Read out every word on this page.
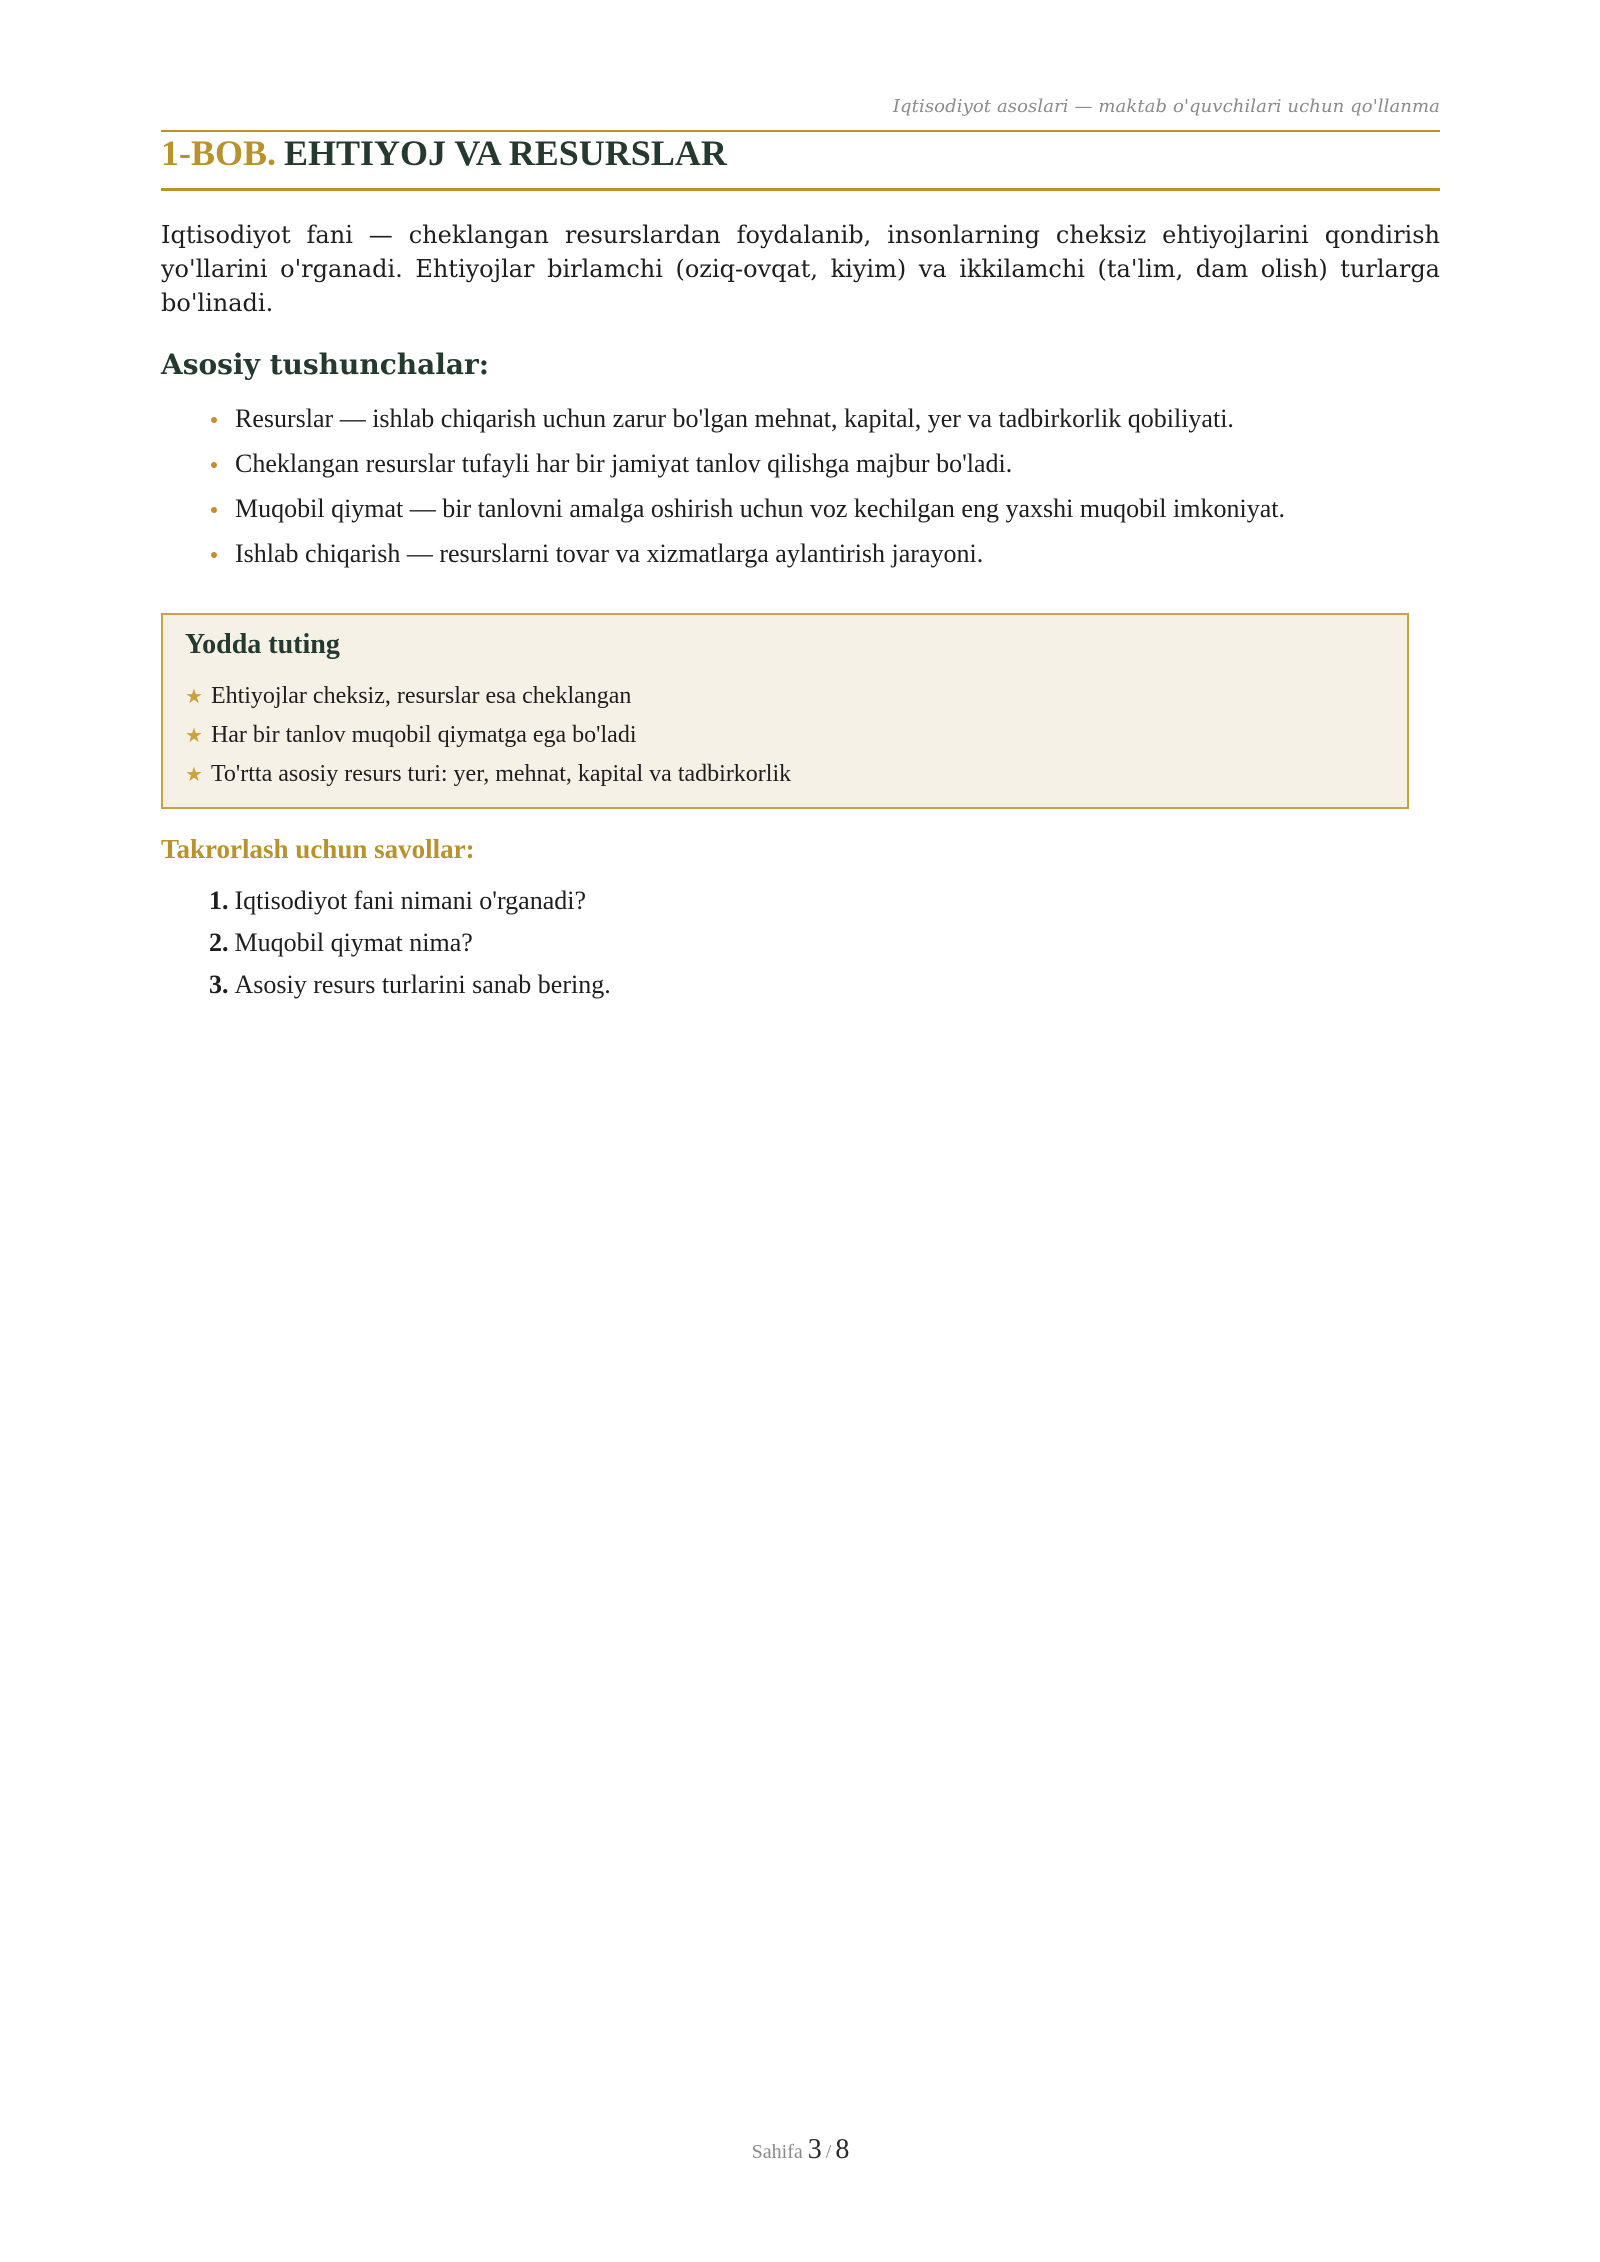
Iqtisodiyot asoslari — maktab o'quvchilari uchun qo'llanma
1-BOB. EHTIYOJ VA RESURSLAR

Iqtisodiyot fani — cheklangan resurslardan foydalanib, insonlarning cheksiz ehtiyojlarini qondirish
yo'llarini o'rganadi. Ehtiyojlar birlamchi (oziq-ovqat, kiyim) va ikkilamchi (ta'lim, dam olish) turlarga
bo'linadi.

Asosiy tushunchalar:
Resurslar — ishlab chiqarish uchun zarur bo'lgan mehnat, kapital, yer va tadbirkorlik qobiliyati.
Cheklangan resurslar tufayli har bir jamiyat tanlov qilishga majbur bo'ladi.
Muqobil qiymat — bir tanlovni amalga oshirish uchun voz kechilgan eng yaxshi muqobil imkoniyat.
Ishlab chiqarish — resurslarni tovar va xizmatlarga aylantirish jarayoni.
Yodda tuting
★ Ehtiyojlar cheksiz, resurslar esa cheklangan
★ Har bir tanlov muqobil qiymatga ega bo'ladi
★ To'rtta asosiy resurs turi: yer, mehnat, kapital va tadbirkorlik
Takrorlash uchun savollar:
1. Iqtisodiyot fani nimani o'rganadi?
2. Muqobil qiymat nima?
3. Asosiy resurs turlarini sanab bering.
Sahifa 3 / 8
